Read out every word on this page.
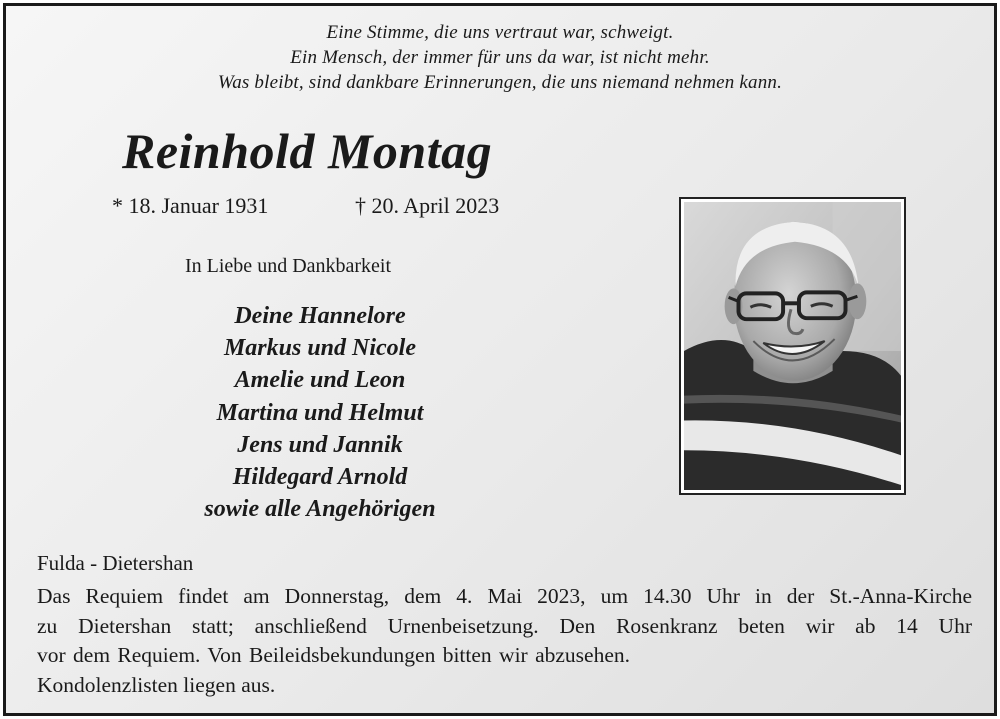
Eine Stimme, die uns vertraut war, schweigt.
Ein Mensch, der immer für uns da war, ist nicht mehr.
Was bleibt, sind dankbare Erinnerungen, die uns niemand nehmen kann.
Reinhold Montag
* 18. Januar 1931	† 20. April 2023
In Liebe und Dankbarkeit
Deine Hannelore
Markus und Nicole
Amelie und Leon
Martina und Helmut
Jens und Jannik
Hildegard Arnold
sowie alle Angehörigen
Fulda - Dietershan
Das Requiem findet am Donnerstag, dem 4. Mai 2023, um 14.30 Uhr in der St.-Anna-Kirche
zu Dietershan statt; anschließend Urnenbeisetzung. Den Rosenkranz beten wir ab 14 Uhr
vor dem Requiem. Von Beileidsbekundungen bitten wir abzusehen.
Kondolenzlisten liegen aus.
